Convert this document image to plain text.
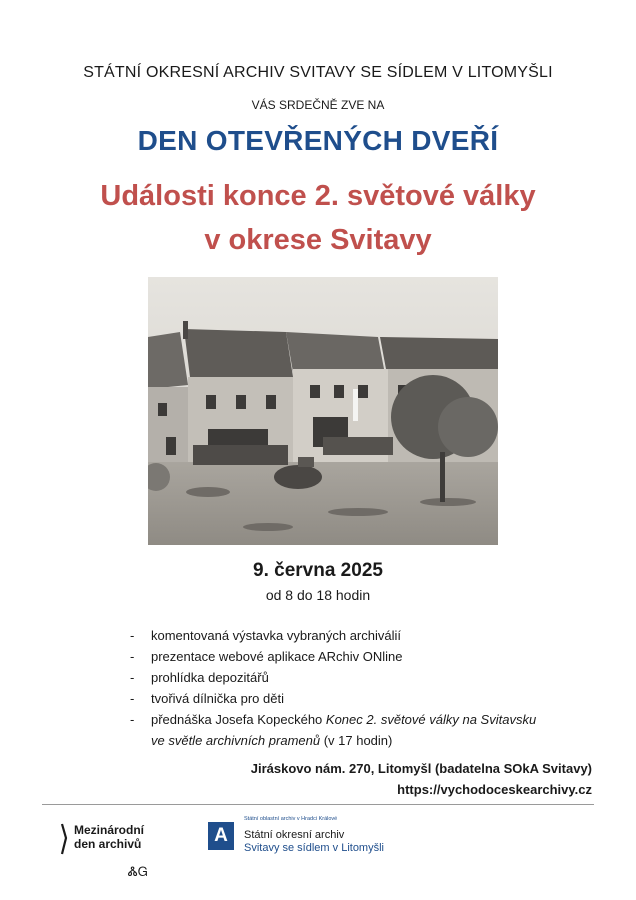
STÁTNÍ OKRESNÍ ARCHIV SVITAVY SE SÍDLEM V LITOMYŠLI
VÁS SRDEČNĚ ZVE NA
DEN OTEVŘENÝCH DVEŘÍ
Události konce 2. světové války
v okrese Svitavy
9. června 2025
od 8 do 18 hodin
- komentovaná výstavka vybraných archiválií
- prezentace webové aplikace ARchiv ONline
- prohlídka depozitářů
- tvořivá dílnička pro děti
- přednáška Josefa Kopeckého Konec 2. světové války na Svitavsku
ve světle archivních pramenů (v 17 hodin)
Jiráskovo nám. 270, Litomyšl (badatelna SOkA Svitavy)
https://vychodoceskearchivy.cz
Mezinárodní
den archivů
ᏜᏀ
A
Státní oblastní archiv v Hradci Králové
Státní okresní archiv
Svitavy se sídlem v Litomyšli
